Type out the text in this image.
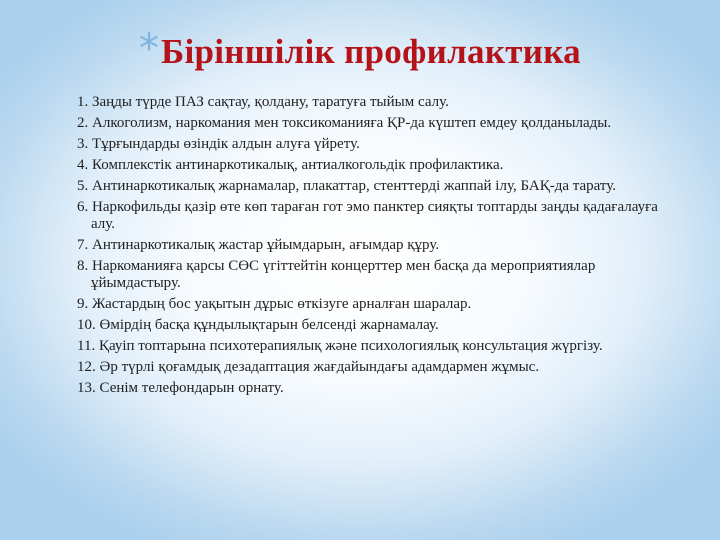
*Біріншілік профилактика
1. Заңды түрде ПАЗ сақтау, қолдану, таратуға тыйым салу.
2. Алкоголизм, наркомания мен токсикоманияға ҚР-да күштеп емдеу қолданылады.
3. Тұрғындарды өзіндік алдын алуға үйрету.
4. Комплекстік антинаркотикалық, антиалкогольдік профилактика.
5. Антинаркотикалық жарнамалар, плакаттар, стенттерді жаппай ілу, БАҚ-да тарату.
6. Наркофильды қазір өте көп тараған гот эмо панктер сияқты топтарды заңды қадағалауға алу.
7. Антинаркотикалық жастар ұйымдарын, ағымдар құру.
8. Наркоманияға қарсы СӨС үгіттейтін концерттер мен басқа да мероприятиялар ұйымдастыру.
9. Жастардың бос уақытын дұрыс өткізуге арналған шаралар.
10. Өмірдің басқа құндылықтарын белсенді жарнамалау.
11. Қауіп топтарына психотерапиялық және психологиялық консультация жүргізу.
12. Әр түрлі қоғамдық дезадаптация жағдайындағы адамдармен жұмыс.
13. Сенім телефондарын орнату.
